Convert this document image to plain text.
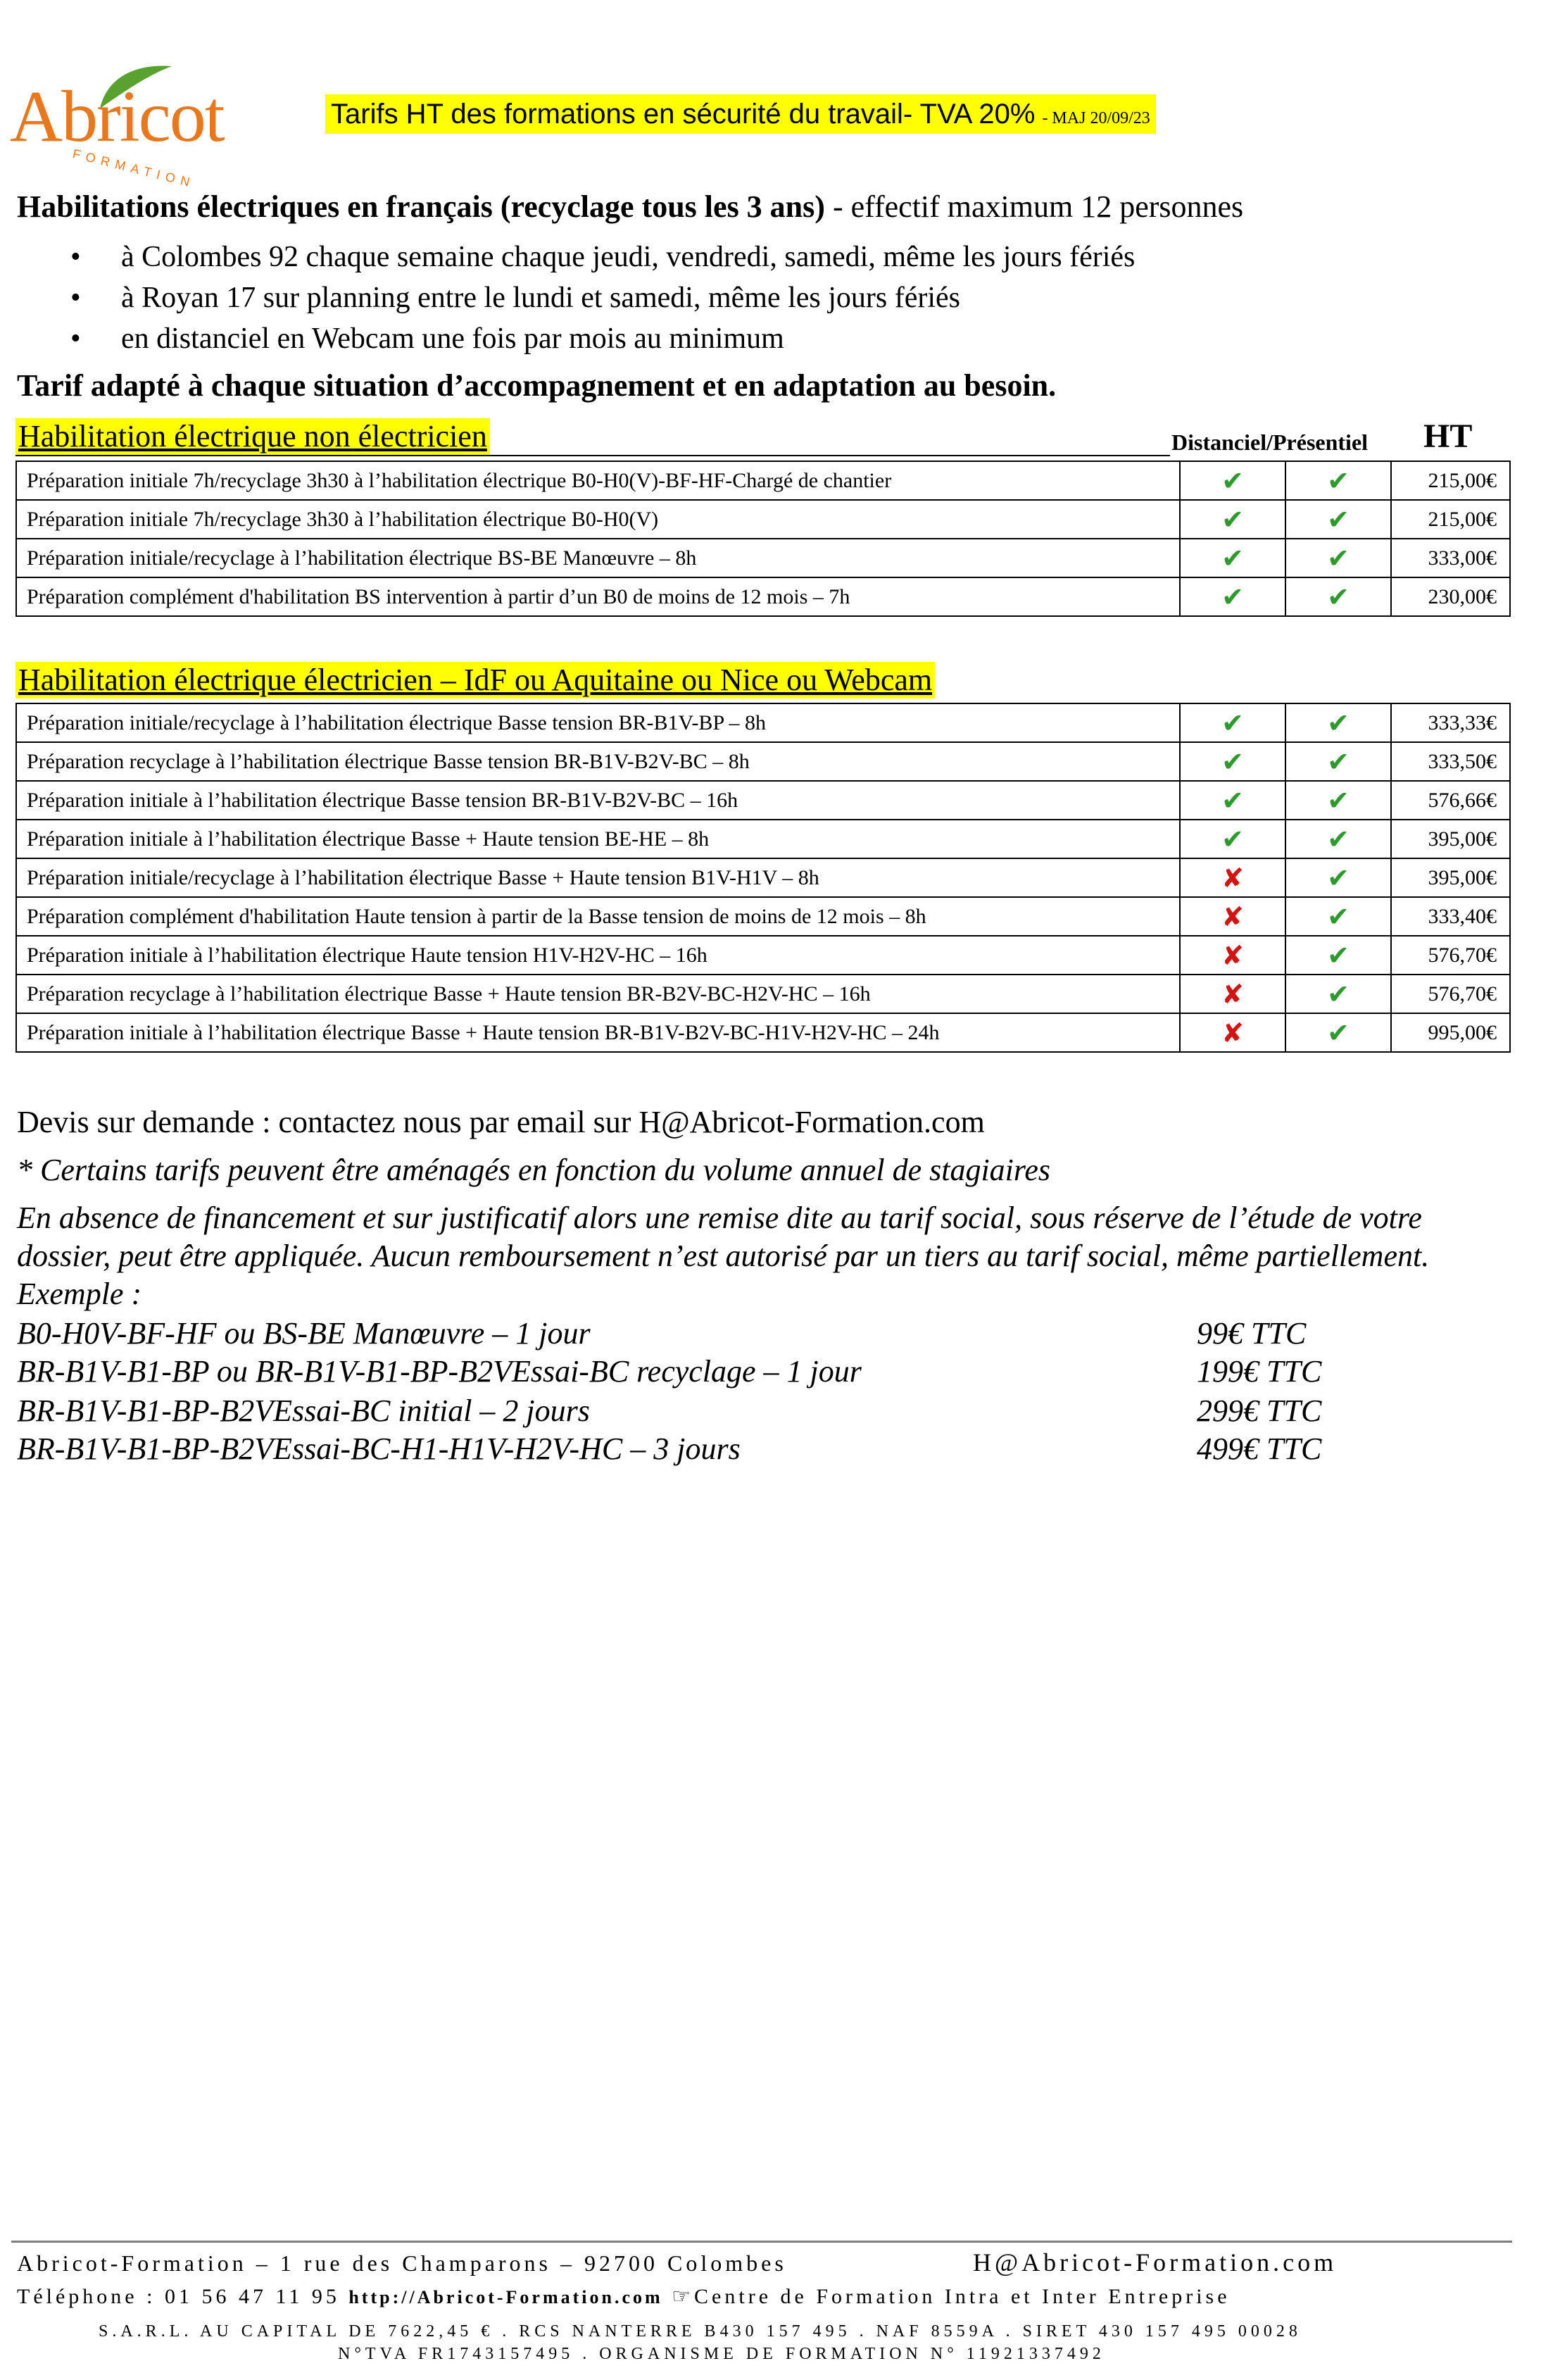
Abricot
FORMATION
Tarifs HT des formations en sécurité du travail- TVA 20% - MAJ 20/09/23
Habilitations électriques en français (recyclage tous les 3 ans) - effectif maximum 12 personnes
• à Colombes 92 chaque semaine chaque jeudi, vendredi, samedi, même les jours fériés
• à Royan 17 sur planning entre le lundi et samedi, même les jours fériés
• en distanciel en Webcam une fois par mois au minimum
Tarif adapté à chaque situation d’accompagnement et en adaptation au besoin.
Habilitation électrique non électricien	Distanciel/Présentiel HT
Préparation initiale 7h/recyclage 3h30 à l’habilitation électrique B0-H0(V)-BF-HF-Chargé de chantier	✔	✔	215,00€
Préparation initiale 7h/recyclage 3h30 à l’habilitation électrique B0-H0(V)	✔	✔	215,00€
Préparation initiale/recyclage à l’habilitation électrique BS-BE Manœuvre – 8h	✔	✔	333,00€
Préparation complément d'habilitation BS intervention à partir d’un B0 de moins de 12 mois – 7h	✔	✔	230,00€
Habilitation électrique électricien – IdF ou Aquitaine ou Nice ou Webcam
Préparation initiale/recyclage à l’habilitation électrique Basse tension BR-B1V-BP – 8h	✔	✔	333,33€
Préparation recyclage à l’habilitation électrique Basse tension BR-B1V-B2V-BC – 8h	✔	✔	333,50€
Préparation initiale à l’habilitation électrique Basse tension BR-B1V-B2V-BC – 16h	✔	✔	576,66€
Préparation initiale à l’habilitation électrique Basse + Haute tension BE-HE – 8h	✔	✔	395,00€
Préparation initiale/recyclage à l’habilitation électrique Basse + Haute tension B1V-H1V – 8h	✘	✔	395,00€
Préparation complément d'habilitation Haute tension à partir de la Basse tension de moins de 12 mois – 8h	✘	✔	333,40€
Préparation initiale à l’habilitation électrique Haute tension H1V-H2V-HC – 16h	✘	✔	576,70€
Préparation recyclage à l’habilitation électrique Basse + Haute tension BR-B2V-BC-H2V-HC – 16h	✘	✔	576,70€
Préparation initiale à l’habilitation électrique Basse + Haute tension BR-B1V-B2V-BC-H1V-H2V-HC – 24h	✘	✔	995,00€
Devis sur demande : contactez nous par email sur H@Abricot-Formation.com
* Certains tarifs peuvent être aménagés en fonction du volume annuel de stagiaires
En absence de financement et sur justificatif alors une remise dite au tarif social, sous réserve de l’étude de votre
dossier, peut être appliquée. Aucun remboursement n’est autorisé par un tiers au tarif social, même partiellement.
Exemple :
B0-H0V-BF-HF ou BS-BE Manœuvre – 1 jour	99€ TTC
BR-B1V-B1-BP ou BR-B1V-B1-BP-B2VEssai-BC recyclage – 1 jour	199€ TTC
BR-B1V-B1-BP-B2VEssai-BC initial – 2 jours	299€ TTC
BR-B1V-B1-BP-B2VEssai-BC-H1-H1V-H2V-HC – 3 jours	499€ TTC
Abricot-Formation – 1 rue des Champarons – 92700 Colombes	H@Abricot-Formation.com
Téléphone : 01 56 47 11 95 http://Abricot-Formation.com ☞Centre de Formation Intra et Inter Entreprise
S.A.R.L. AU CAPITAL DE 7622,45 € . RCS NANTERRE B430 157 495 . NAF 8559A . SIRET 430 157 495 00028
N°TVA FR1743157495 . ORGANISME DE FORMATION N° 11921337492
